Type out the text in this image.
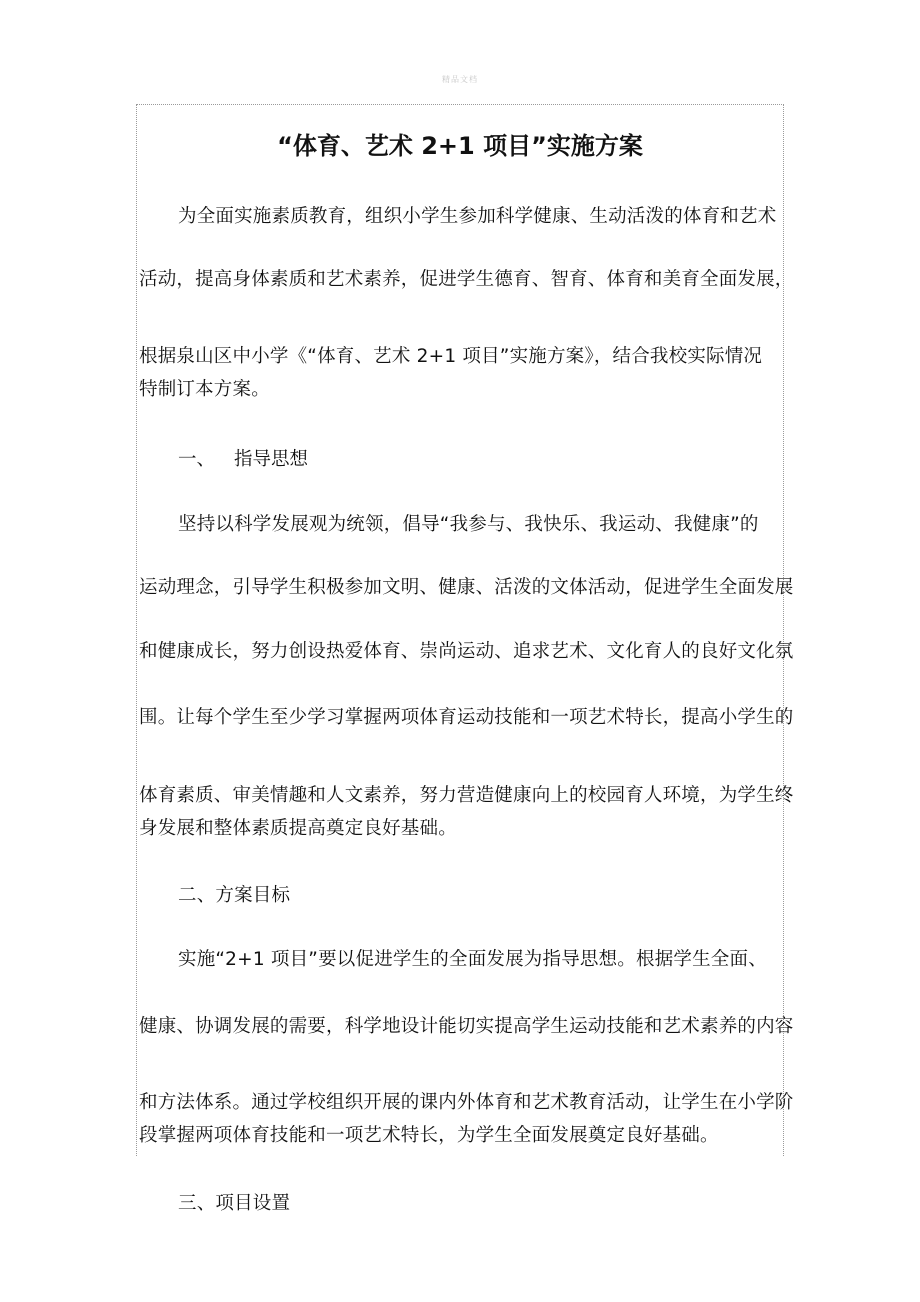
精品文档
“体育、艺术 2+1 项目”实施方案
为全面实施素质教育，组织小学生参加科学健康、生动活泼的体育和艺术
活动，提高身体素质和艺术素养，促进学生德育、智育、体育和美育全面发展，
根据泉山区中小学《“体育、艺术 2+1 项目”实施方案》，结合我校实际情况
特制订本方案。
一、 指导思想
坚持以科学发展观为统领，倡导“我参与、我快乐、我运动、我健康”的
运动理念，引导学生积极参加文明、健康、活泼的文体活动，促进学生全面发展
和健康成长，努力创设热爱体育、崇尚运动、追求艺术、文化育人的良好文化氛
围。让每个学生至少学习掌握两项体育运动技能和一项艺术特长，提高小学生的
体育素质、审美情趣和人文素养，努力营造健康向上的校园育人环境，为学生终
身发展和整体素质提高奠定良好基础。
二、方案目标
实施“2+1 项目”要以促进学生的全面发展为指导思想。根据学生全面、
健康、协调发展的需要，科学地设计能切实提高学生运动技能和艺术素养的内容
和方法体系。通过学校组织开展的课内外体育和艺术教育活动，让学生在小学阶
段掌握两项体育技能和一项艺术特长，为学生全面发展奠定良好基础。
三、项目设置
